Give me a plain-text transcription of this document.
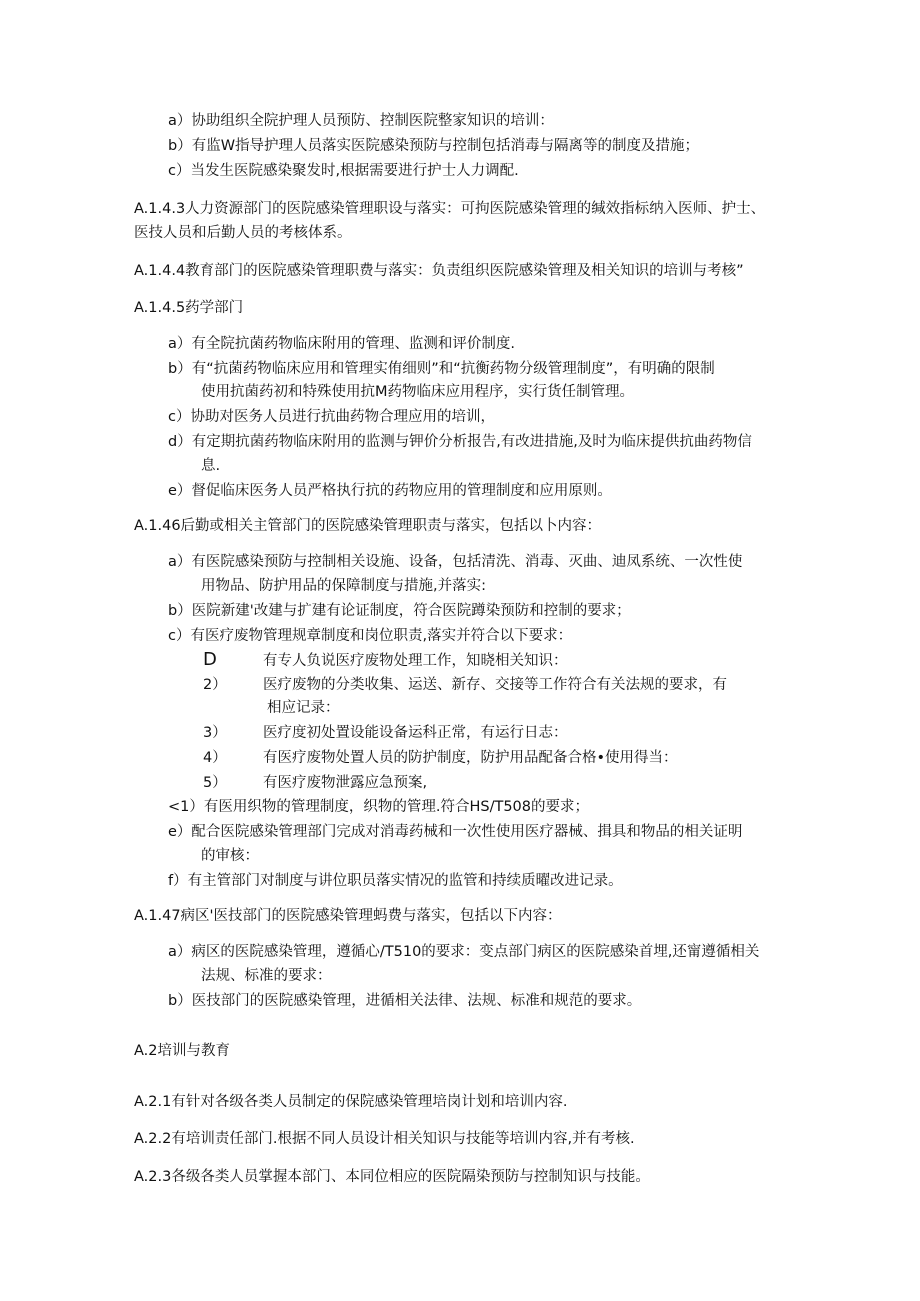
a）协助组织全院护理人员预防、控制医院整家知识的培训：
b）有监W指导护理人员落实医院感染预防与控制包括消毒与隔离等的制度及措施；
c）当发生医院感染聚发时,根据需要进行护士人力调配.
A.1.4.3人力资源部门的医院感染管理职设与落实：可拘医院感染管理的缄效指标纳入医师、护士、
医技人员和后勤人员的考核体系。
A.1.4.4教育部门的医院感染管理职费与落实：负责组织医院感染管理及相关知识的培训与考核”
A.1.4.5药学部门
a）有全院抗菌药物临床附用的管理、监测和评价制度.
b）有“抗菌药物临床应用和管理实侑细则”和“抗衡药物分级管理制度”，有明确的限制
使用抗菌药初和特殊使用抗M药物临床应用程序，实行货任制管理。
c）协助对医务人员进行抗曲药物合理应用的培训，
d）有定期抗菌药物临床附用的监测与钾价分析报告,有改进措施,及时为临床提供抗曲药物信
息.
e）督促临床医务人员严格执行抗的药物应用的管理制度和应用原则。
A.1.46后勤或相关主管部门的医院感染管理职责与落实，包括以卜内容：
a）有医院感染预防与控制相关设施、设备，包括清洗、消毒、灭曲、迪凤系统、一次性使
用物品、防护用品的保障制度与措施,并落实:
b）医院新建'改建与扩建有论证制度，符合医院蹲染预防和控制的要求；
c）有医疗废物管理规章制度和岗位职责,落实并符合以下要求：
D	有专人负说医疗废物处理工作，知晓相关知识：
2）	医疗废物的分类收集、运送、新存、交接等工作符合有关法规的要求，有
相应记录：
3）	医疗度初处置设能设备运科正常，有运行日志：
4）	有医疗废物处置人员的防护制度，防护用品配备合格•使用得当：
5）	有医疗废物泄露应急预案,
<1）有医用织物的管理制度，织物的管理.符合HS/T508的要求；
e）配合医院感染管理部门完成对消毒药械和一次性使用医疗器械、揖具和物品的相关证明
的审核：
f）有主管部门对制度与讲位职员落实情况的监管和持续质曜改进记录。
A.1.47病区'医技部门的医院感染管理蚂费与落实，包括以下内容：
a）病区的医院感染管理，遵循心/T510的要求：变点部门病区的医院感染首埋,还甯遵循相关
法规、标准的要求：
b）医技部门的医院感染管理，进循相关法律、法规、标准和规范的要求。
A.2培训与教育
A.2.1有针对各级各类人员制定的保院感染管理培岗计划和培训内容.
A.2.2有培训责任部门.根据不同人员设计相关知识与技能等培训内容,并有考核.
A.2.3各级各类人员掌握本部门、本同位相应的医院隔染预防与控制知识与技能。
